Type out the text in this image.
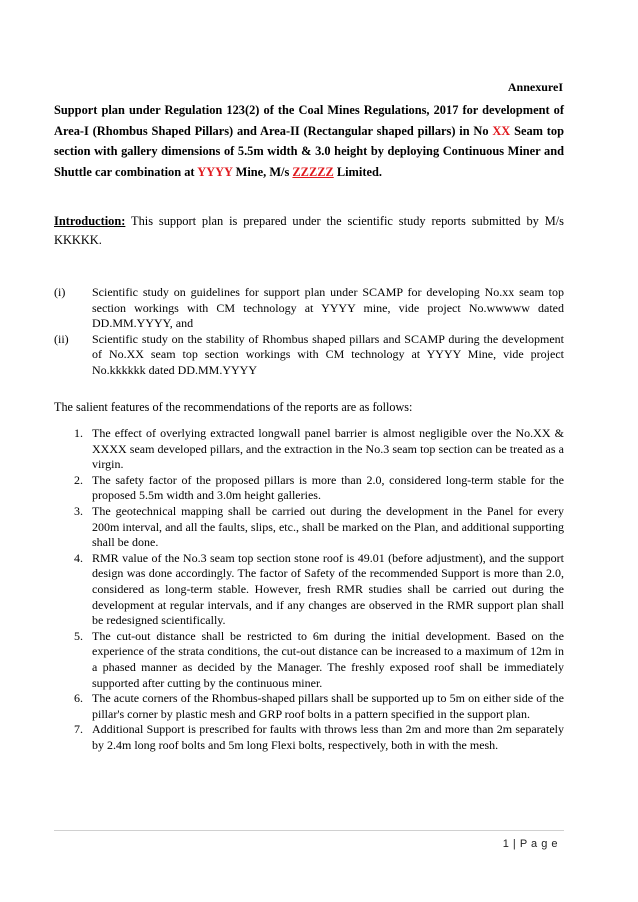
AnnexureI
Support plan under Regulation 123(2) of the Coal Mines Regulations, 2017 for development of Area-I (Rhombus Shaped Pillars) and Area-II (Rectangular shaped pillars) in No XX Seam top section with gallery dimensions of 5.5m width & 3.0 height by deploying Continuous Miner and Shuttle car combination at YYYY Mine, M/s ZZZZZ Limited.
Introduction: This support plan is prepared under the scientific study reports submitted by M/s KKKKK.
(i) Scientific study on guidelines for support plan under SCAMP for developing No.xx seam top section workings with CM technology at YYYY mine, vide project No.wwwww dated DD.MM.YYYY, and
(ii) Scientific study on the stability of Rhombus shaped pillars and SCAMP during the development of No.XX seam top section workings with CM technology at YYYY Mine, vide project No.kkkkkk dated DD.MM.YYYY
The salient features of the recommendations of the reports are as follows:
1. The effect of overlying extracted longwall panel barrier is almost negligible over the No.XX & XXXX seam developed pillars, and the extraction in the No.3 seam top section can be treated as a virgin.
2. The safety factor of the proposed pillars is more than 2.0, considered long-term stable for the proposed 5.5m width and 3.0m height galleries.
3. The geotechnical mapping shall be carried out during the development in the Panel for every 200m interval, and all the faults, slips, etc., shall be marked on the Plan, and additional supporting shall be done.
4. RMR value of the No.3 seam top section stone roof is 49.01 (before adjustment), and the support design was done accordingly. The factor of Safety of the recommended Support is more than 2.0, considered as long-term stable. However, fresh RMR studies shall be carried out during the development at regular intervals, and if any changes are observed in the RMR support plan shall be redesigned scientifically.
5. The cut-out distance shall be restricted to 6m during the initial development. Based on the experience of the strata conditions, the cut-out distance can be increased to a maximum of 12m in a phased manner as decided by the Manager. The freshly exposed roof shall be immediately supported after cutting by the continuous miner.
6. The acute corners of the Rhombus-shaped pillars shall be supported up to 5m on either side of the pillar's corner by plastic mesh and GRP roof bolts in a pattern specified in the support plan.
7. Additional Support is prescribed for faults with throws less than 2m and more than 2m separately by 2.4m long roof bolts and 5m long Flexi bolts, respectively, both in with the mesh.
1 | P a g e
